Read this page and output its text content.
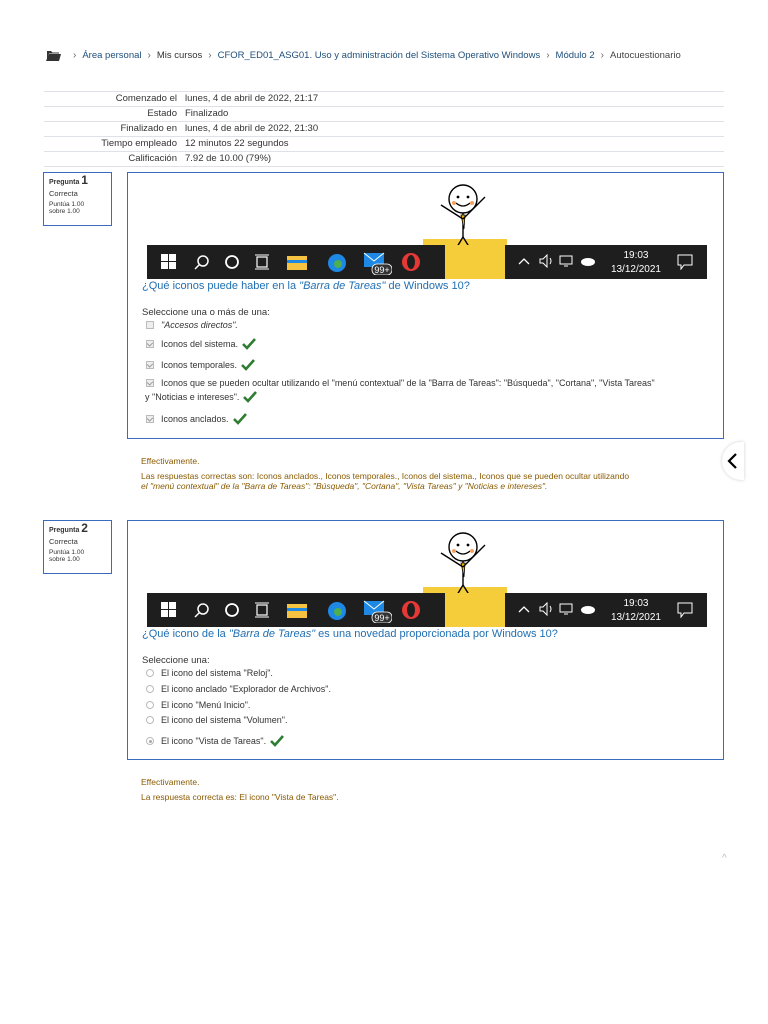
› Área personal › Mis cursos › CFOR_ED01_ASG01. Uso y administración del Sistema Operativo Windows › Módulo 2 › Autocuestionario
Comenzado el	lunes, 4 de abril de 2022, 21:17
Estado	Finalizado
Finalizado en	lunes, 4 de abril de 2022, 21:30
Tiempo empleado	12 minutos 22 segundos
Calificación	7.92 de 10.00 (79%)
Pregunta 1
Correcta
Puntúa 1.00
sobre 1.00
99+
19:03
13/12/2021
¿Qué iconos puede haber en la "Barra de Tareas" de Windows 10?
Seleccione una o más de una:
"Accesos directos".
Iconos del sistema.
Iconos temporales.
Iconos que se pueden ocultar utilizando el "menú contextual" de la "Barra de Tareas": "Búsqueda", "Cortana", "Vista Tareas"
y "Noticias e intereses".
Iconos anclados.
Effectivamente.
Las respuestas correctas son: Iconos anclados., Iconos temporales., Iconos del sistema., Iconos que se pueden ocultar utilizando
el "menú contextual" de la "Barra de Tareas": "Búsqueda", "Cortana", "Vista Tareas" y "Noticias e intereses".
Pregunta 2
Correcta
Puntúa 1.00
sobre 1.00
99+
19:03
13/12/2021
¿Qué icono de la "Barra de Tareas" es una novedad proporcionada por Windows 10?
Seleccione una:
El icono del sistema "Reloj".
El icono anclado "Explorador de Archivos".
El icono "Menú Inicio".
El icono del sistema "Volumen".
El icono "Vista de Tareas".
Effectivamente.
La respuesta correcta es: El icono "Vista de Tareas".
^
